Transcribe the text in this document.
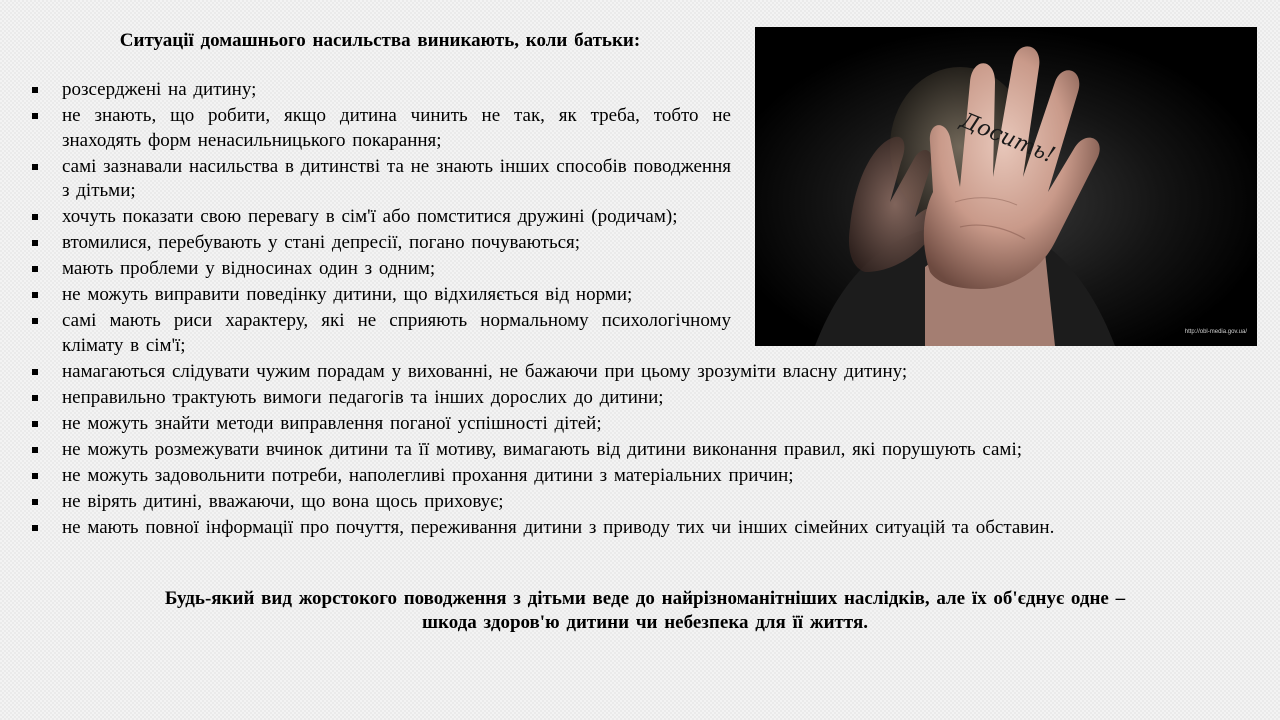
Ситуації домашнього насильства виникають, коли батьки:
розсерджені на дитину;
не знають, що робити, якщо дитина чинить не так, як треба, тобто не знаходять форм ненасильницького покарання;
самі зазнавали насильства в дитинстві та не знають інших способів поводження з дітьми;
хочуть показати свою перевагу в сім'ї або помститися дружині (родичам);
втомилися, перебувають у стані депресії, погано почуваються;
мають проблеми у відносинах один з одним;
не можуть виправити поведінку дитини, що відхиляється від норми;
самі мають риси характеру, які не сприяють нормальному психологічному клімату в сім'ї;
намагаються слідувати чужим порадам у вихованні, не бажаючи при цьому зрозуміти власну дитину;
неправильно трактують вимоги педагогів та інших дорослих до дитини;
не можуть знайти методи виправлення поганої успішності дітей;
не можуть розмежувати вчинок дитини та її мотиву, вимагають від дитини виконання правил, які порушують самі;
не можуть задовольнити потреби, наполегливі прохання дитини з матеріальних причин;
не вірять дитині, вважаючи, що вона щось приховує;
не мають повної інформації про почуття, переживання дитини з приводу тих чи інших сімейних ситуацій та обставин.
Будь-який вид жорстокого поводження з дітьми веде до найрізноманітніших наслідків, але їх об'єднує одне –
шкода здоров'ю дитини чи небезпека для її життя.
Досить!
http://obl-media.gov.ua/
